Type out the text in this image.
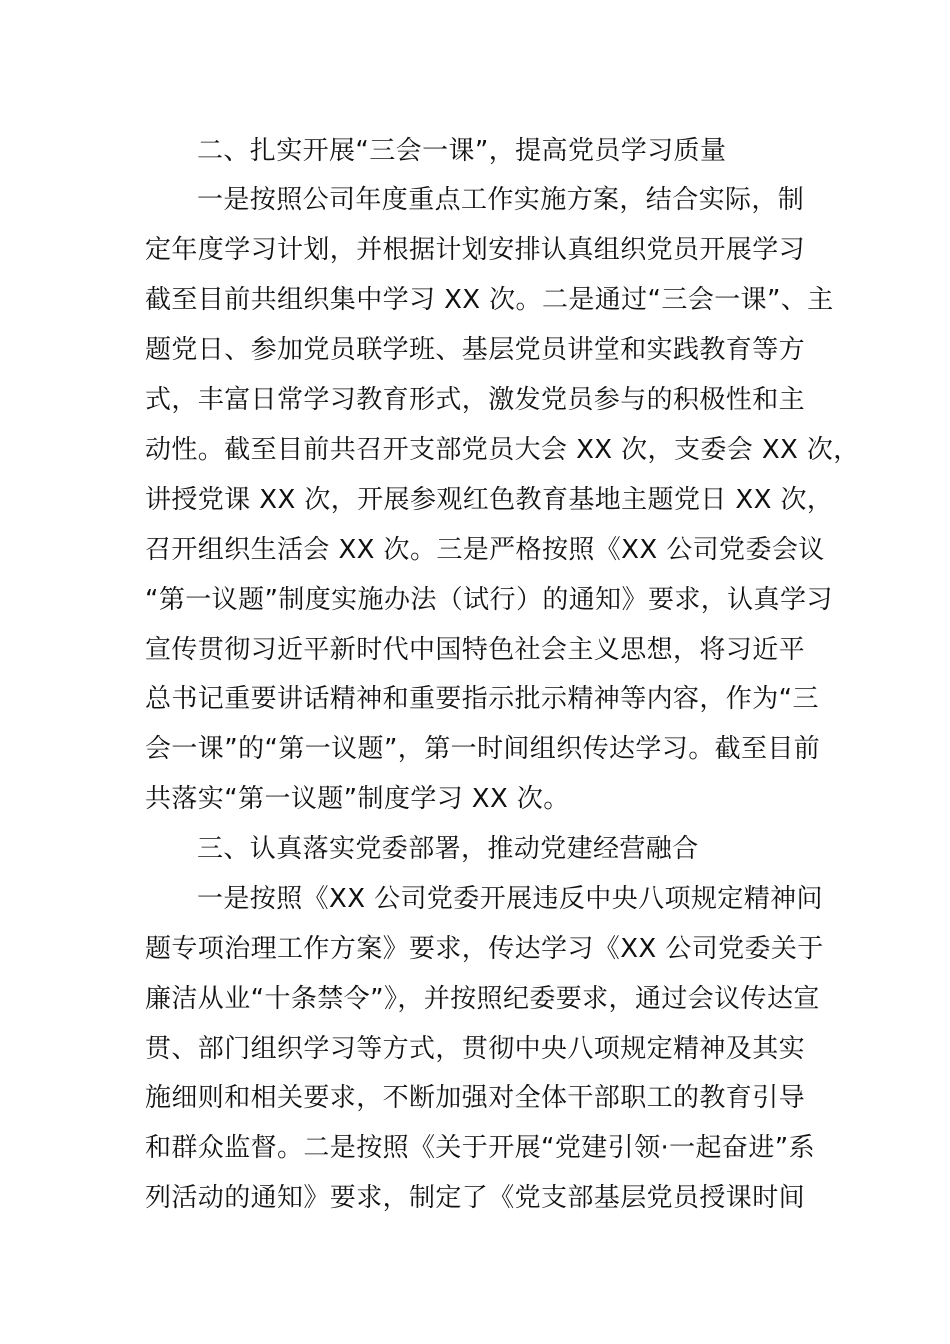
二、扎实开展“三会一课”，提高党员学习质量
一是按照公司年度重点工作实施方案，结合实际，制
定年度学习计划，并根据计划安排认真组织党员开展学习
截至目前共组织集中学习 XX 次。二是通过“三会一课”、主
题党日、参加党员联学班、基层党员讲堂和实践教育等方
式，丰富日常学习教育形式，激发党员参与的积极性和主
动性。截至目前共召开支部党员大会 XX 次，支委会 XX 次，
讲授党课 XX 次，开展参观红色教育基地主题党日 XX 次，
召开组织生活会 XX 次。三是严格按照《XX 公司党委会议
“第一议题”制度实施办法（试行）的通知》要求，认真学习
宣传贯彻习近平新时代中国特色社会主义思想，将习近平
总书记重要讲话精神和重要指示批示精神等内容，作为“三
会一课”的“第一议题”，第一时间组织传达学习。截至目前
共落实“第一议题”制度学习 XX 次。
三、认真落实党委部署，推动党建经营融合
一是按照《XX 公司党委开展违反中央八项规定精神问
题专项治理工作方案》要求，传达学习《XX 公司党委关于
廉洁从业“十条禁令”》，并按照纪委要求，通过会议传达宣
贯、部门组织学习等方式，贯彻中央八项规定精神及其实
施细则和相关要求，不断加强对全体干部职工的教育引导
和群众监督。二是按照《关于开展“党建引领·一起奋进”系
列活动的通知》要求，制定了《党支部基层党员授课时间
